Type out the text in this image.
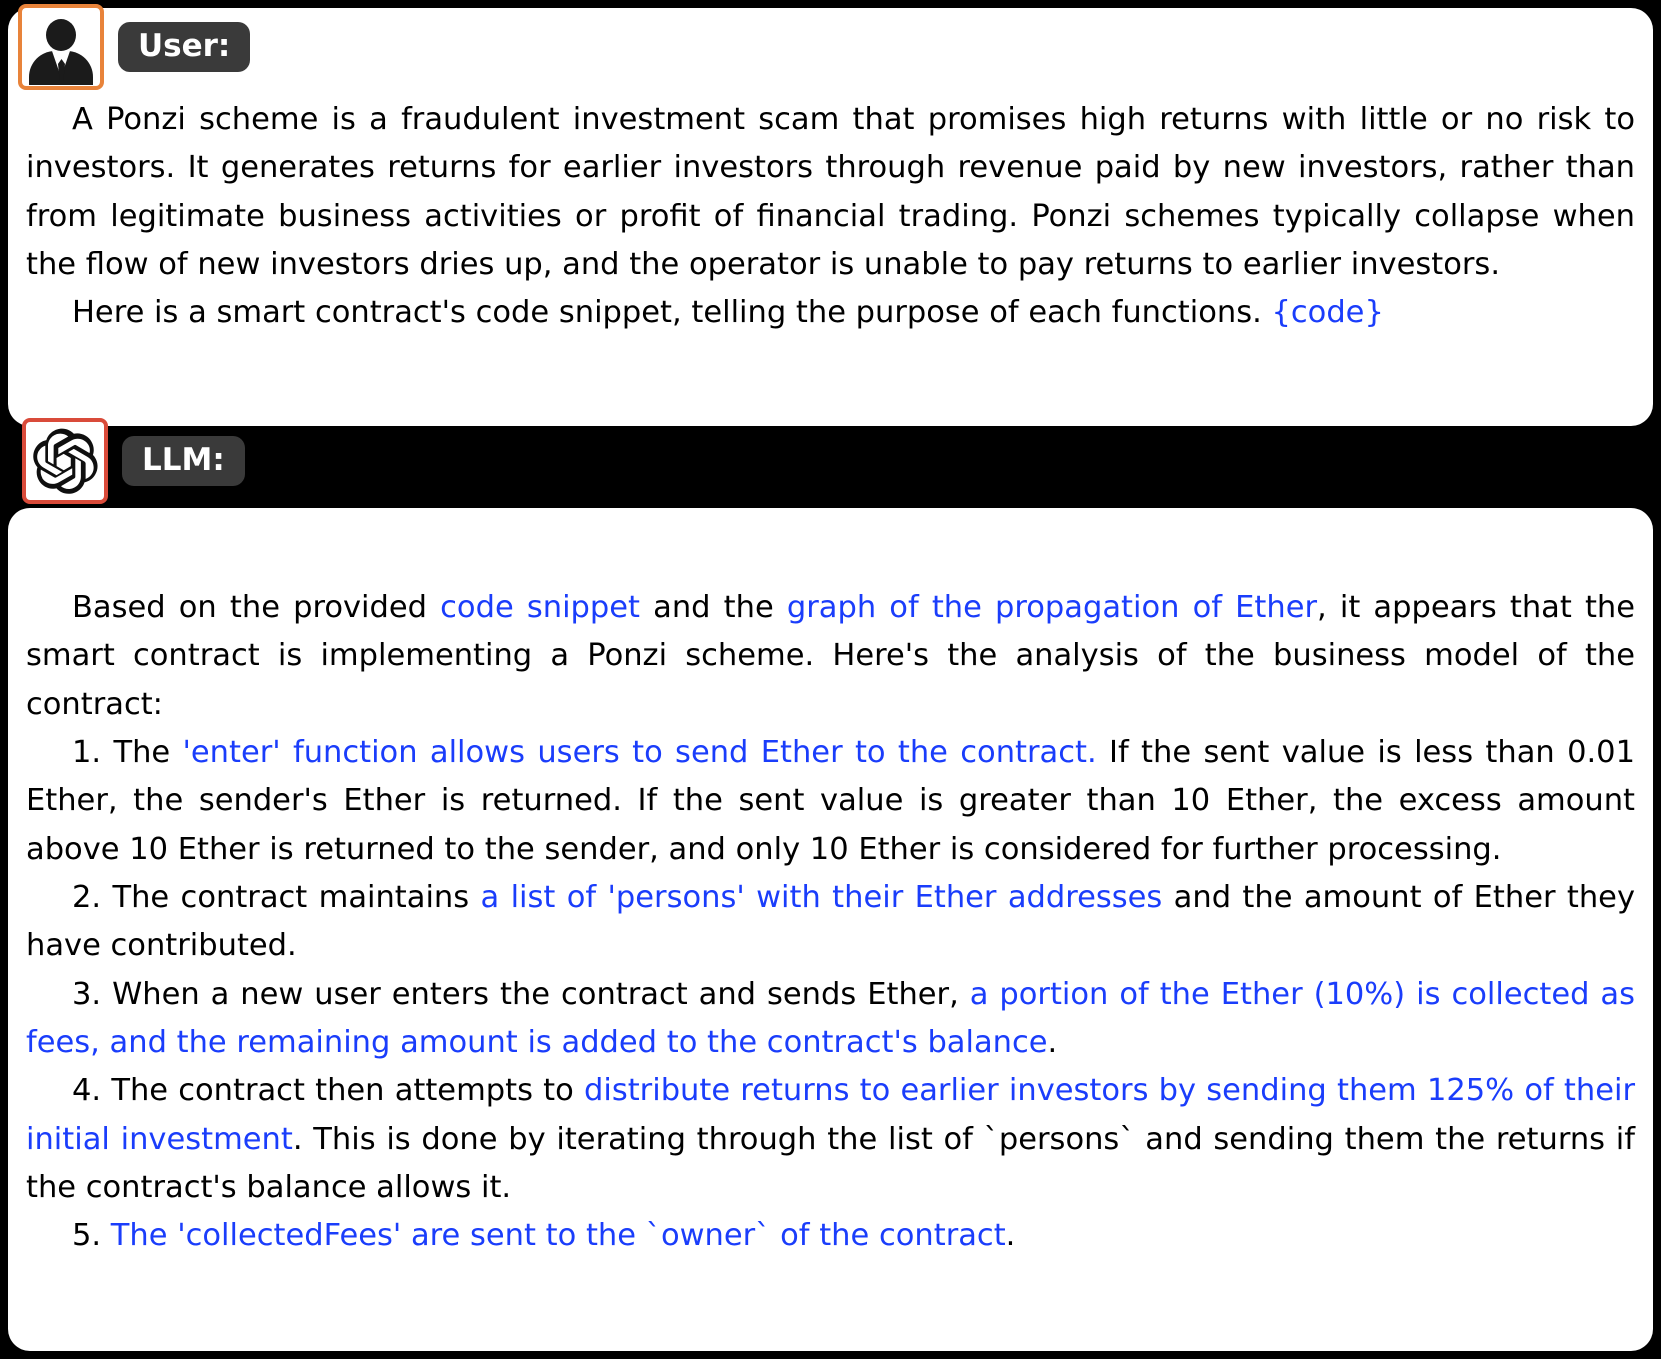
A Ponzi scheme is a fraudulent investment scam that promises high returns with little or no risk to investors. It generates returns for earlier investors through revenue paid by new investors, rather than from legitimate business activities or profit of financial trading. Ponzi schemes typically collapse when the flow of new investors dries up, and the operator is unable to pay returns to earlier investors.

Here is a smart contract's code snippet, telling the purpose of each functions. {code}

User:

Based on the provided code snippet and the graph of the propagation of Ether, it appears that the smart contract is implementing a Ponzi scheme. Here's the analysis of the business model of the contract:

1. The 'enter' function allows users to send Ether to the contract. If the sent value is less than 0.01 Ether, the sender's Ether is returned. If the sent value is greater than 10 Ether, the excess amount above 10 Ether is returned to the sender, and only 10 Ether is considered for further processing.

2. The contract maintains a list of 'persons' with their Ether addresses and the amount of Ether they have contributed.

3. When a new user enters the contract and sends Ether, a portion of the Ether (10%) is collected as fees, and the remaining amount is added to the contract's balance.

4. The contract then attempts to distribute returns to earlier investors by sending them 125% of their initial investment. This is done by iterating through the list of `persons` and sending them the returns if the contract's balance allows it.

5. The 'collectedFees' are sent to the `owner` of the contract.

LLM:
